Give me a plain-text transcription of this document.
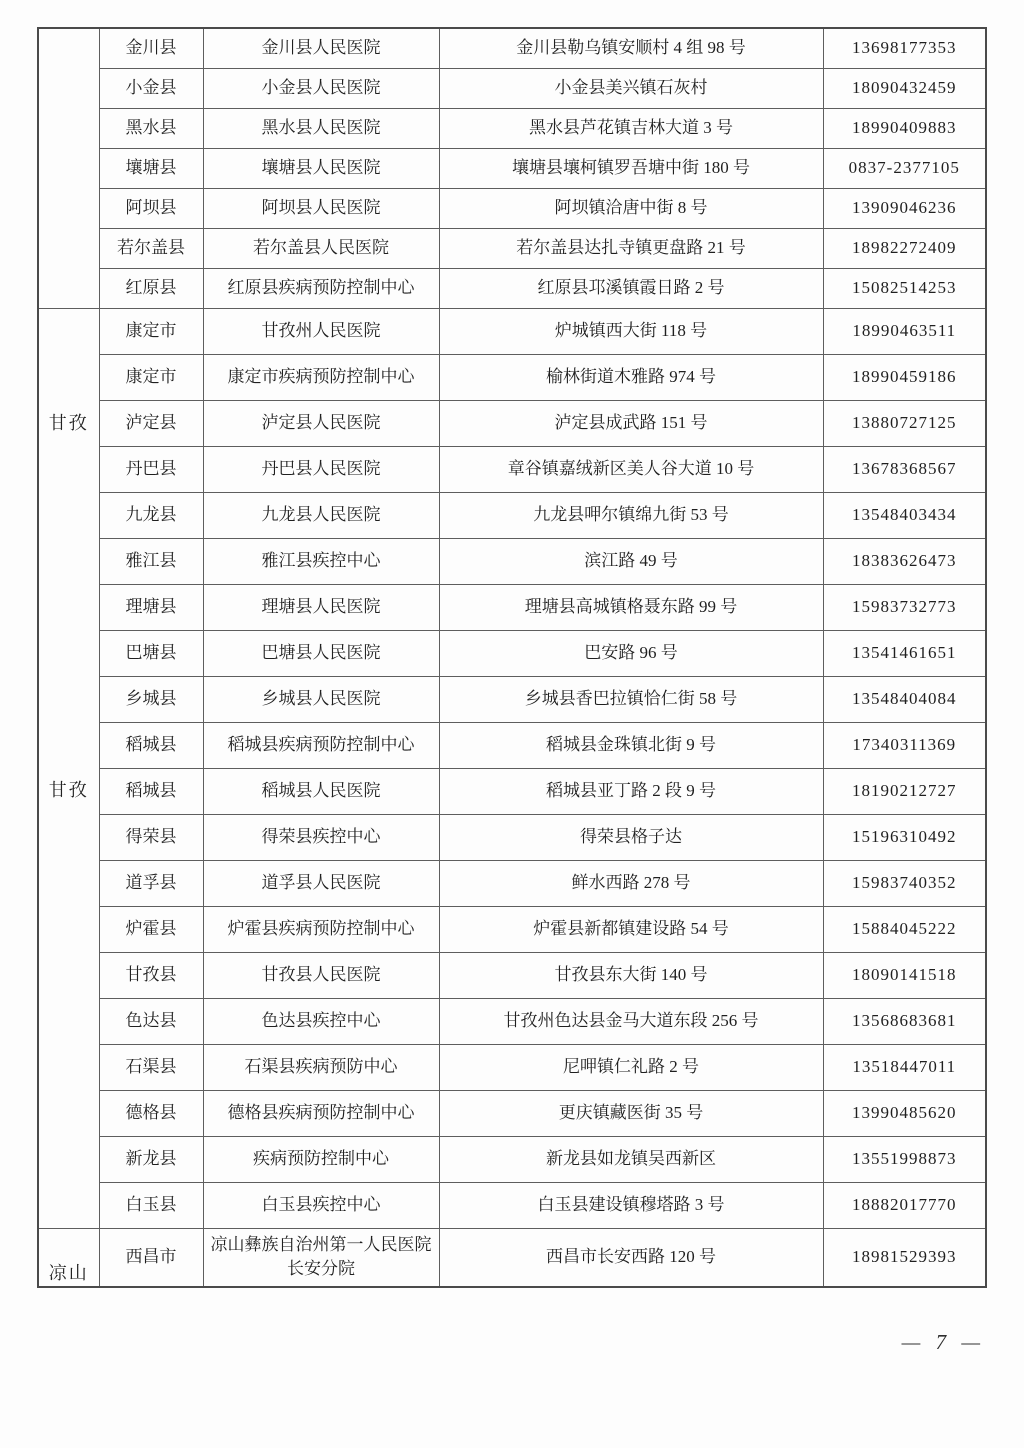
	金川县	金川县人民医院	金川县勒乌镇安顺村 4 组 98 号	13698177353
	小金县	小金县人民医院	小金县美兴镇石灰村	18090432459
	黑水县	黑水县人民医院	黑水县芦花镇吉林大道 3 号	18990409883
	壤塘县	壤塘县人民医院	壤塘县壤柯镇罗吾塘中街 180 号	0837-2377105
	阿坝县	阿坝县人民医院	阿坝镇洽唐中街 8 号	13909046236
	若尔盖县	若尔盖县人民医院	若尔盖县达扎寺镇更盘路 21 号	18982272409
	红原县	红原县疾病预防控制中心	红原县邛溪镇霞日路 2 号	15082514253

甘孜
甘孜	康定市	甘孜州人民医院	炉城镇西大街 118 号	18990463511
	康定市	康定市疾病预防控制中心	榆林街道木雅路 974 号	18990459186
	泸定县	泸定县人民医院	泸定县成武路 151 号	13880727125
	丹巴县	丹巴县人民医院	章谷镇嘉绒新区美人谷大道 10 号	13678368567
	九龙县	九龙县人民医院	九龙县呷尔镇绵九街 53 号	13548403434
	雅江县	雅江县疾控中心	滨江路 49 号	18383626473
	理塘县	理塘县人民医院	理塘县高城镇格聂东路 99 号	15983732773
	巴塘县	巴塘县人民医院	巴安路 96 号	13541461651
	乡城县	乡城县人民医院	乡城县香巴拉镇恰仁街 58 号	13548404084
	稻城县	稻城县疾病预防控制中心	稻城县金珠镇北街 9 号	17340311369
	稻城县	稻城县人民医院	稻城县亚丁路 2 段 9 号	18190212727
	得荣县	得荣县疾控中心	得荣县格子达	15196310492
	道孚县	道孚县人民医院	鲜水西路 278 号	15983740352
	炉霍县	炉霍县疾病预防控制中心	炉霍县新都镇建设路 54 号	15884045222
	甘孜县	甘孜县人民医院	甘孜县东大街 140 号	18090141518
	色达县	色达县疾控中心	甘孜州色达县金马大道东段 256 号	13568683681
	石渠县	石渠县疾病预防中心	尼呷镇仁礼路 2 号	13518447011
	德格县	德格县疾病预防控制中心	更庆镇藏医街 35 号	13990485620
	新龙县	疾病预防控制中心	新龙县如龙镇吴西新区	13551998873
	白玉县	白玉县疾控中心	白玉县建设镇穆塔路 3 号	18882017770

凉山	西昌市	凉山彝族自治州第一人民医院长安分院	西昌市长安西路 120 号	18981529393
— 7 —
